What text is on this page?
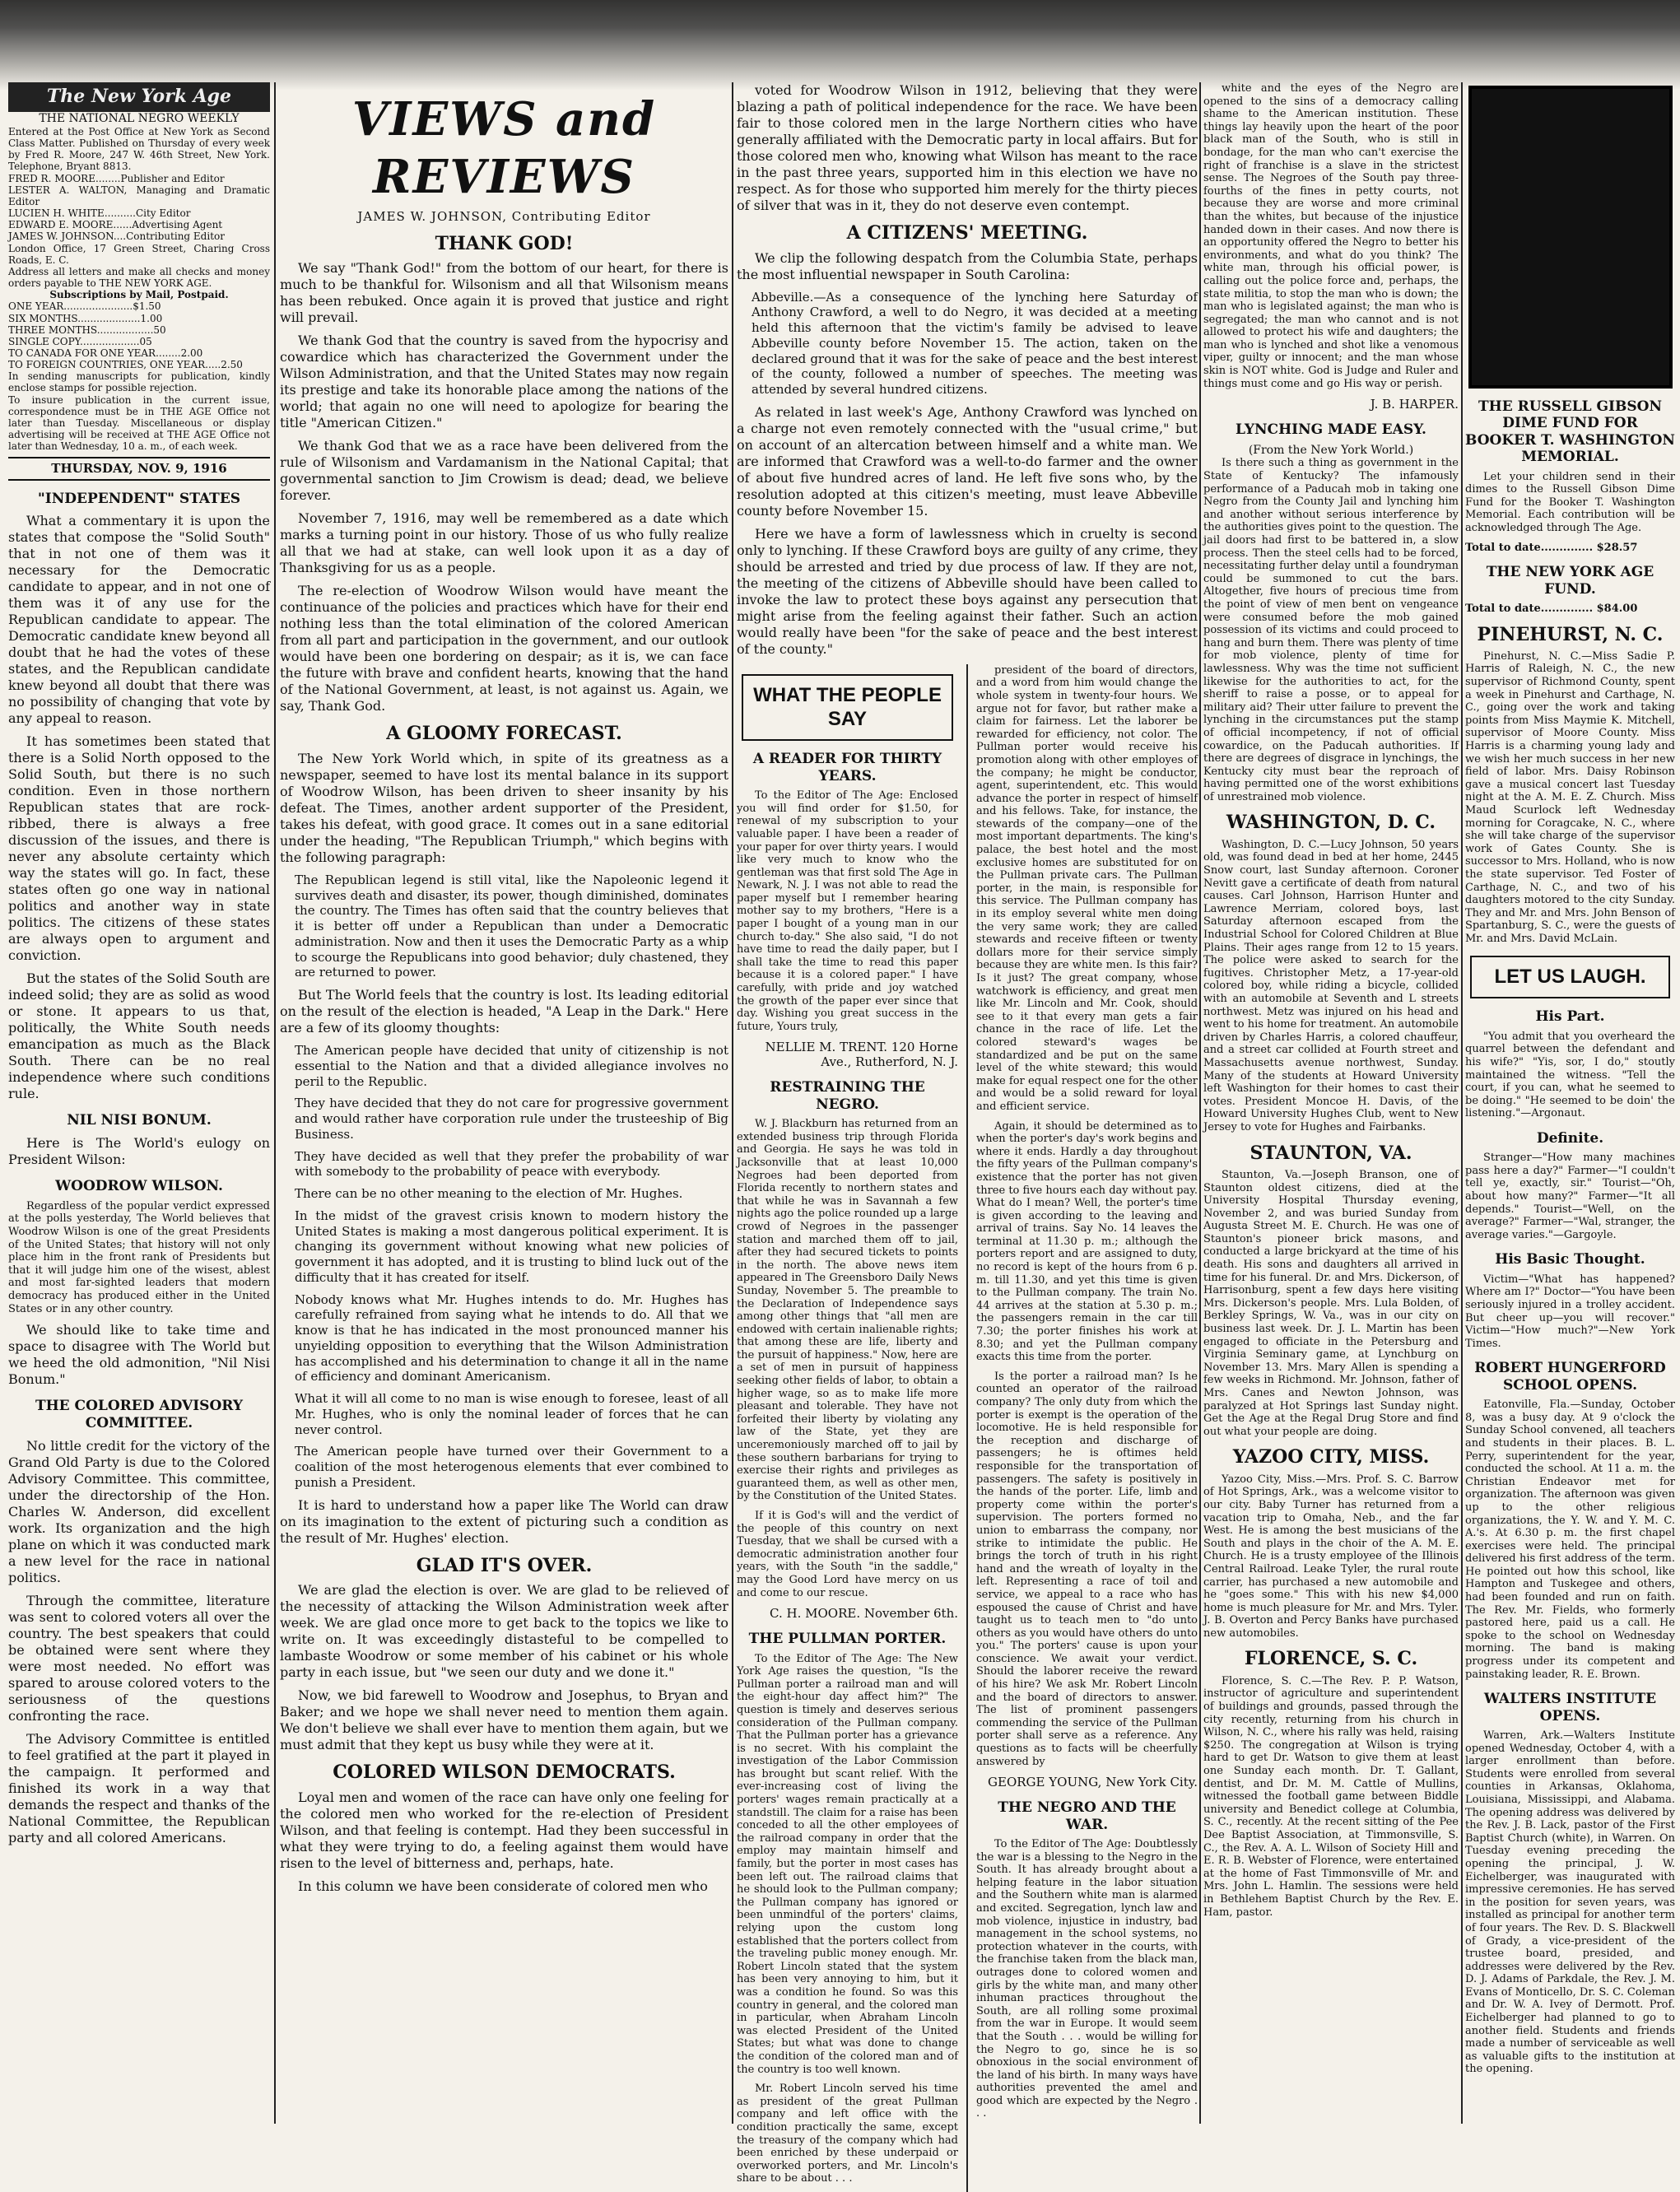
The New York Age
THE NATIONAL NEGRO WEEKLY
Entered at the Post Office at New York as Second Class Matter. Published on Thursday of every week by Fred R. Moore, 247 W. 46th Street, New York. Telephone, Bryant 8813.
FRED R. MOORE........Publisher and Editor
LESTER A. WALTON, Managing and Dramatic Editor
LUCIEN H. WHITE..........City Editor
EDWARD E. MOORE......Advertising Agent
JAMES W. JOHNSON....Contributing Editor
London Office, 17 Green Street, Charing Cross Roads, E. C.
Address all letters and make all checks and money orders payable to THE NEW YORK AGE.
Subscriptions by Mail, Postpaid.
ONE YEAR......................$1.50
SIX MONTHS....................1.00
THREE MONTHS..................50
SINGLE COPY...................05
TO CANADA FOR ONE YEAR........2.00
TO FOREIGN COUNTRIES, ONE YEAR.....2.50
In sending manuscripts for publication, kindly enclose stamps for possible rejection.
To insure publication in the current issue, correspondence must be in THE AGE Office not later than Tuesday. Miscellaneous or display advertising will be received at THE AGE Office not later than Wednesday, 10 a. m., of each week.
THURSDAY, NOV. 9, 1916
"INDEPENDENT" STATES

What a commentary it is upon the states that compose the "Solid South" that in not one of them was it necessary for the Democratic candidate to appear, and in not one of them was it of any use for the Republican candidate to appear. The Democratic candidate knew beyond all doubt that he had the votes of these states, and the Republican candidate knew beyond all doubt that there was no possibility of changing that vote by any appeal to reason.

It has sometimes been stated that there is a Solid North opposed to the Solid South, but there is no such condition. Even in those northern Republican states that are rock-ribbed, there is always a free discussion of the issues, and there is never any absolute certainty which way the states will go. In fact, these states often go one way in national politics and another way in state politics. The citizens of these states are always open to argument and conviction.

But the states of the Solid South are indeed solid; they are as solid as wood or stone. It appears to us that, politically, the White South needs emancipation as much as the Black South. There can be no real independence where such conditions rule.

NIL NISI BONUM.

Here is The World's eulogy on President Wilson:

WOODROW WILSON.

Regardless of the popular verdict expressed at the polls yesterday, The World believes that Woodrow Wilson is one of the great Presidents of the United States; that history will not only place him in the front rank of Presidents but that it will judge him one of the wisest, ablest and most far-sighted leaders that modern democracy has produced either in the United States or in any other country.

We should like to take time and space to disagree with The World but we heed the old admonition, "Nil Nisi Bonum."

THE COLORED ADVISORY COMMITTEE.

No little credit for the victory of the Grand Old Party is due to the Colored Advisory Committee. This committee, under the directorship of the Hon. Charles W. Anderson, did excellent work. Its organization and the high plane on which it was conducted mark a new level for the race in national politics.

Through the committee, literature was sent to colored voters all over the country. The best speakers that could be obtained were sent where they were most needed. No effort was spared to arouse colored voters to the seriousness of the questions confronting the race.

The Advisory Committee is entitled to feel gratified at the part it played in the campaign. It performed and finished its work in a way that demands the respect and thanks of the National Committee, the Republican party and all colored Americans.

VIEWS and REVIEWS
JAMES W. JOHNSON, Contributing Editor
THANK GOD!

We say "Thank God!" from the bottom of our heart, for there is much to be thankful for. Wilsonism and all that Wilsonism means has been rebuked. Once again it is proved that justice and right will prevail.

We thank God that the country is saved from the hypocrisy and cowardice which has characterized the Government under the Wilson Administration, and that the United States may now regain its prestige and take its honorable place among the nations of the world; that again no one will need to apologize for bearing the title "American Citizen."

We thank God that we as a race have been delivered from the rule of Wilsonism and Vardamanism in the National Capital; that governmental sanction to Jim Crowism is dead; dead, we believe forever.

November 7, 1916, may well be remembered as a date which marks a turning point in our history. Those of us who fully realize all that we had at stake, can well look upon it as a day of Thanksgiving for us as a people.

The re-election of Woodrow Wilson would have meant the continuance of the policies and practices which have for their end nothing less than the total elimination of the colored American from all part and participation in the government, and our outlook would have been one bordering on despair; as it is, we can face the future with brave and confident hearts, knowing that the hand of the National Government, at least, is not against us. Again, we say, Thank God.

A GLOOMY FORECAST.

The New York World which, in spite of its greatness as a newspaper, seemed to have lost its mental balance in its support of Woodrow Wilson, has been driven to sheer insanity by his defeat. The Times, another ardent supporter of the President, takes his defeat, with good grace. It comes out in a sane editorial under the heading, "The Republican Triumph," which begins with the following paragraph:

The Republican legend is still vital, like the Napoleonic legend it survives death and disaster, its power, though diminished, dominates the country. The Times has often said that the country believes that it is better off under a Republican than under a Democratic administration. Now and then it uses the Democratic Party as a whip to scourge the Republicans into good behavior; duly chastened, they are returned to power.

But The World feels that the country is lost. Its leading editorial on the result of the election is headed, "A Leap in the Dark." Here are a few of its gloomy thoughts:

The American people have decided that unity of citizenship is not essential to the Nation and that a divided allegiance involves no peril to the Republic.
They have decided that they do not care for progressive government and would rather have corporation rule under the trusteeship of Big Business.
They have decided as well that they prefer the probability of war with somebody to the probability of peace with everybody.
There can be no other meaning to the election of Mr. Hughes.
In the midst of the gravest crisis known to modern history the United States is making a most dangerous political experiment. It is changing its government without knowing what new policies of government it has adopted, and it is trusting to blind luck out of the difficulty that it has created for itself.
Nobody knows what Mr. Hughes intends to do. Mr. Hughes has carefully refrained from saying what he intends to do. All that we know is that he has indicated in the most pronounced manner his unyielding opposition to everything that the Wilson Administration has accomplished and his determination to change it all in the name of efficiency and dominant Americanism.
What it will all come to no man is wise enough to foresee, least of all Mr. Hughes, who is only the nominal leader of forces that he can never control.
The American people have turned over their Government to a coalition of the most heterogenous elements that ever combined to punish a President.

It is hard to understand how a paper like The World can draw on its imagination to the extent of picturing such a condition as the result of Mr. Hughes' election.

GLAD IT'S OVER.

We are glad the election is over. We are glad to be relieved of the necessity of attacking the Wilson Administration week after week. We are glad once more to get back to the topics we like to write on. It was exceedingly distasteful to be compelled to lambaste Woodrow or some member of his cabinet or his whole party in each issue, but "we seen our duty and we done it."

Now, we bid farewell to Woodrow and Josephus, to Bryan and Baker; and we hope we shall never need to mention them again. We don't believe we shall ever have to mention them again, but we must admit that they kept us busy while they were at it.

COLORED WILSON DEMOCRATS.

Loyal men and women of the race can have only one feeling for the colored men who worked for the re-election of President Wilson, and that feeling is contempt. Had they been successful in what they were trying to do, a feeling against them would have risen to the level of bitterness and, perhaps, hate.

In this column we have been considerate of colored men who

voted for Woodrow Wilson in 1912, believing that they were blazing a path of political independence for the race. We have been fair to those colored men in the large Northern cities who have generally affiliated with the Democratic party in local affairs. But for those colored men who, knowing what Wilson has meant to the race in the past three years, supported him in this election we have no respect. As for those who supported him merely for the thirty pieces of silver that was in it, they do not deserve even contempt.

A CITIZENS' MEETING.

We clip the following despatch from the Columbia State, perhaps the most influential newspaper in South Carolina:

Abbeville.—As a consequence of the lynching here Saturday of Anthony Crawford, a well to do Negro, it was decided at a meeting held this afternoon that the victim's family be advised to leave Abbeville county before November 15. The action, taken on the declared ground that it was for the sake of peace and the best interest of the county, followed a number of speeches. The meeting was attended by several hundred citizens.

As related in last week's Age, Anthony Crawford was lynched on a charge not even remotely connected with the "usual crime," but on account of an altercation between himself and a white man. We are informed that Crawford was a well-to-do farmer and the owner of about five hundred acres of land. He left five sons who, by the resolution adopted at this citizen's meeting, must leave Abbeville county before November 15.

Here we have a form of lawlessness which in cruelty is second only to lynching. If these Crawford boys are guilty of any crime, they should be arrested and tried by due process of law. If they are not, the meeting of the citizens of Abbeville should have been called to invoke the law to protect these boys against any persecution that might arise from the feeling against their father. Such an action would really have been "for the sake of peace and the best interest of the county."

WHAT THE PEOPLE SAY
A READER FOR THIRTY YEARS.

To the Editor of The Age: Enclosed you will find order for $1.50, for renewal of my subscription to your valuable paper. I have been a reader of your paper for over thirty years. I would like very much to know who the gentleman was that first sold The Age in Newark, N. J. I was not able to read the paper myself but I remember hearing mother say to my brothers, "Here is a paper I bought of a young man in our church to-day." She also said, "I do not have time to read the daily paper, but I shall take the time to read this paper because it is a colored paper." I have carefully, with pride and joy watched the growth of the paper ever since that day. Wishing you great success in the future, Yours truly,

NELLIE M. TRENT. 120 Horne Ave., Rutherford, N. J.
RESTRAINING THE NEGRO.

W. J. Blackburn has returned from an extended business trip through Florida and Georgia. He says he was told in Jacksonville that at least 10,000 Negroes had been deported from Florida recently to northern states and that while he was in Savannah a few nights ago the police rounded up a large crowd of Negroes in the passenger station and marched them off to jail, after they had secured tickets to points in the north. The above news item appeared in The Greensboro Daily News Sunday, November 5. The preamble to the Declaration of Independence says among other things that "all men are endowed with certain inalienable rights; that among these are life, liberty and the pursuit of happiness." Now, here are a set of men in pursuit of happiness seeking other fields of labor, to obtain a higher wage, so as to make life more pleasant and tolerable. They have not forfeited their liberty by violating any law of the State, yet they are unceremoniously marched off to jail by these southern barbarians for trying to exercise their rights and privileges as guaranteed them, as well as other men, by the Constitution of the United States.

If it is God's will and the verdict of the people of this country on next Tuesday, that we shall be cursed with a democratic administration another four years, with the South "in the saddle," may the Good Lord have mercy on us and come to our rescue.

C. H. MOORE. November 6th.
THE PULLMAN PORTER.

To the Editor of The Age: The New York Age raises the question, "Is the Pullman porter a railroad man and will the eight-hour day affect him?" The question is timely and deserves serious consideration of the Pullman company. That the Pullman porter has a grievance is no secret. With his complaint the investigation of the Labor Commission has brought but scant relief. With the ever-increasing cost of living the porters' wages remain practically at a standstill. The claim for a raise has been conceded to all the other employees of the railroad company in order that the employ may maintain himself and family, but the porter in most cases has been left out. The railroad claims that he should look to the Pullman company; the Pullman company has ignored or been unmindful of the porters' claims, relying upon the custom long established that the porters collect from the traveling public money enough. Mr. Robert Lincoln stated that the system has been very annoying to him, but it was a condition he found. So was this country in general, and the colored man in particular, when Abraham Lincoln was elected President of the United States; but what was done to change the condition of the colored man and of the country is too well known.

Mr. Robert Lincoln served his time as president of the great Pullman company and left office with the condition practically the same, except the treasury of the company which had been enriched by these underpaid or overworked porters, and Mr. Lincoln's share to be about . . .

president of the board of directors, and a word from him would change the whole system in twenty-four hours. We argue not for favor, but rather make a claim for fairness. Let the laborer be rewarded for efficiency, not color. The Pullman porter would receive his promotion along with other employes of the company; he might be conductor, agent, superintendent, etc. This would advance the porter in respect of himself and his fellows. Take, for instance, the stewards of the company—one of the most important departments. The king's palace, the best hotel and the most exclusive homes are substituted for on the Pullman private cars. The Pullman porter, in the main, is responsible for this service. The Pullman company has in its employ several white men doing the very same work; they are called stewards and receive fifteen or twenty dollars more for their service simply because they are white men. Is this fair? Is it just? The great company, whose watchwork is efficiency, and great men like Mr. Lincoln and Mr. Cook, should see to it that every man gets a fair chance in the race of life. Let the colored steward's wages be standardized and be put on the same level of the white steward; this would make for equal respect one for the other and would be a solid reward for loyal and efficient service.

Again, it should be determined as to when the porter's day's work begins and where it ends. Hardly a day throughout the fifty years of the Pullman company's existence that the porter has not given three to five hours each day without pay. What do I mean? Well, the porter's time is given according to the leaving and arrival of trains. Say No. 14 leaves the terminal at 11.30 p. m.; although the porters report and are assigned to duty, no record is kept of the hours from 6 p. m. till 11.30, and yet this time is given to the Pullman company. The train No. 44 arrives at the station at 5.30 p. m.; the passengers remain in the car till 7.30; the porter finishes his work at 8.30; and yet the Pullman company exacts this time from the porter.

Is the porter a railroad man? Is he counted an operator of the railroad company? The only duty from which the porter is exempt is the operation of the locomotive. He is held responsible for the reception and discharge of passengers; he is oftimes held responsible for the transportation of passengers. The safety is positively in the hands of the porter. Life, limb and property come within the porter's supervision. The porters formed no union to embarrass the company, nor strike to intimidate the public. He brings the torch of truth in his right hand and the wreath of loyalty in the left. Representing a race of toil and service, we appeal to a race who has espoused the cause of Christ and have taught us to teach men to "do unto others as you would have others do unto you." The porters' cause is upon your conscience. We await your verdict. Should the laborer receive the reward of his hire? We ask Mr. Robert Lincoln and the board of directors to answer. The list of prominent passengers commending the service of the Pullman porter shall serve as a reference. Any questions as to facts will be cheerfully answered by

GEORGE YOUNG, New York City.
THE NEGRO AND THE WAR.

To the Editor of The Age: Doubtlessly the war is a blessing to the Negro in the South. It has already brought about a helping feature in the labor situation and the Southern white man is alarmed and excited. Segregation, lynch law and mob violence, injustice in industry, bad management in the school systems, no protection whatever in the courts, with the franchise taken from the black man, outrages done to colored women and girls by the white man, and many other inhuman practices throughout the South, are all rolling some proximal from the war in Europe. It would seem that the South . . . would be willing for the Negro to go, since he is so obnoxious in the social environment of the land of his birth. In many ways have authorities prevented the amel and good which are expected by the Negro . . .

white and the eyes of the Negro are opened to the sins of a democracy calling shame to the American institution. These things lay heavily upon the heart of the poor black man of the South, who is still in bondage, for the man who can't exercise the right of franchise is a slave in the strictest sense. The Negroes of the South pay three-fourths of the fines in petty courts, not because they are worse and more criminal than the whites, but because of the injustice handed down in their cases. And now there is an opportunity offered the Negro to better his environments, and what do you think? The white man, through his official power, is calling out the police force and, perhaps, the state militia, to stop the man who is down; the man who is legislated against; the man who is segregated; the man who cannot and is not allowed to protect his wife and daughters; the man who is lynched and shot like a venomous viper, guilty or innocent; and the man whose skin is NOT white. God is Judge and Ruler and things must come and go His way or perish.

J. B. HARPER.
LYNCHING MADE EASY.
(From the New York World.)

Is there such a thing as government in the State of Kentucky? The infamously performance of a Paducah mob in taking one Negro from the County Jail and lynching him and another without serious interference by the authorities gives point to the question. The jail doors had first to be battered in, a slow process. Then the steel cells had to be forced, necessitating further delay until a foundryman could be summoned to cut the bars. Altogether, five hours of precious time from the point of view of men bent on vengeance were consumed before the mob gained possession of its victims and could proceed to hang and burn them. There was plenty of time for mob violence, plenty of time for lawlessness. Why was the time not sufficient likewise for the authorities to act, for the sheriff to raise a posse, or to appeal for military aid? Their utter failure to prevent the lynching in the circumstances put the stamp of official incompetency, if not of official cowardice, on the Paducah authorities. If there are degrees of disgrace in lynchings, the Kentucky city must bear the reproach of having permitted one of the worst exhibitions of unrestrained mob violence.

WASHINGTON, D. C.

Washington, D. C.—Lucy Johnson, 50 years old, was found dead in bed at her home, 2445 Snow court, last Sunday afternoon. Coroner Nevitt gave a certificate of death from natural causes. Carl Johnson, Harrison Hunter and Lawrence Merriam, colored boys, last Saturday afternoon escaped from the Industrial School for Colored Children at Blue Plains. Their ages range from 12 to 15 years. The police were asked to search for the fugitives. Christopher Metz, a 17-year-old colored boy, while riding a bicycle, collided with an automobile at Seventh and L streets northwest. Metz was injured on his head and went to his home for treatment. An automobile driven by Charles Harris, a colored chauffeur, and a street car collided at Fourth street and Massachusetts avenue northwest, Sunday. Many of the students at Howard University left Washington for their homes to cast their votes. President Moncoe H. Davis, of the Howard University Hughes Club, went to New Jersey to vote for Hughes and Fairbanks.

STAUNTON, VA.

Staunton, Va.—Joseph Branson, one of Staunton oldest citizens, died at the University Hospital Thursday evening, November 2, and was buried Sunday from Augusta Street M. E. Church. He was one of Staunton's pioneer brick masons, and conducted a large brickyard at the time of his death. His sons and daughters all arrived in time for his funeral. Dr. and Mrs. Dickerson, of Harrisonburg, spent a few days here visiting Mrs. Dickerson's people. Mrs. Lula Bolden, of Berkley Springs, W. Va., was in our city on business last week. Dr. J. L. Martin has been engaged to officiate in the Petersburg and Virginia Seminary game, at Lynchburg on November 13. Mrs. Mary Allen is spending a few weeks in Richmond. Mr. Johnson, father of Mrs. Canes and Newton Johnson, was paralyzed at Hot Springs last Sunday night. Get the Age at the Regal Drug Store and find out what your people are doing.

YAZOO CITY, MISS.

Yazoo City, Miss.—Mrs. Prof. S. C. Barrow of Hot Springs, Ark., was a welcome visitor to our city. Baby Turner has returned from a vacation trip to Omaha, Neb., and the far West. He is among the best musicians of the South and plays in the choir of the A. M. E. Church. He is a trusty employee of the Illinois Central Railroad. Leake Tyler, the rural route carrier, has purchased a new automobile and he "goes some." This with his new $4,000 home is much pleasure for Mr. and Mrs. Tyler. J. B. Overton and Percy Banks have purchased new automobiles.

FLORENCE, S. C.

Florence, S. C.—The Rev. P. P. Watson, instructor of agriculture and superintendent of buildings and grounds, passed through the city recently, returning from his church in Wilson, N. C., where his rally was held, raising $250. The congregation at Wilson is trying hard to get Dr. Watson to give them at least one Sunday each month. Dr. T. Gallant, dentist, and Dr. M. M. Cattle of Mullins, witnessed the football game between Biddle university and Benedict college at Columbia, S. C., recently. At the recent sitting of the Pee Dee Baptist Association, at Timmonsville, S. C., the Rev. A. A. L. Wilson of Society Hill and E. R. B. Webster of Florence, were entertained at the home of Fast Timmonsville of Mr. and Mrs. John L. Hamlin. The sessions were held in Bethlehem Baptist Church by the Rev. E. Ham, pastor.

THE RUSSELL GIBSON DIME FUND FOR BOOKER T. WASHINGTON MEMORIAL.

Let your children send in their dimes to the Russell Gibson Dime Fund for the Booker T. Washington Memorial. Each contribution will be acknowledged through The Age.

Total to date.............. $28.57
THE NEW YORK AGE FUND.
Total to date.............. $84.00
PINEHURST, N. C.

Pinehurst, N. C.—Miss Sadie P. Harris of Raleigh, N. C., the new supervisor of Richmond County, spent a week in Pinehurst and Carthage, N. C., going over the work and taking points from Miss Maymie K. Mitchell, supervisor of Moore County. Miss Harris is a charming young lady and we wish her much success in her new field of labor. Mrs. Daisy Robinson gave a musical concert last Tuesday night at the A. M. E. Z. Church. Miss Maud Scurlock left Wednesday morning for Coragcake, N. C., where she will take charge of the supervisor work of Gates County. She is successor to Mrs. Holland, who is now the state supervisor. Ted Foster of Carthage, N. C., and two of his daughters motored to the city Sunday. They and Mr. and Mrs. John Benson of Spartanburg, S. C., were the guests of Mr. and Mrs. David McLain.

LET US LAUGH.
His Part.

"You admit that you overheard the quarrel between the defendant and his wife?" "Yis, sor, I do," stoutly maintained the witness. "Tell the court, if you can, what he seemed to be doing." "He seemed to be doin' the listening."—Argonaut.

Definite.

Stranger—"How many machines pass here a day?" Farmer—"I couldn't tell ye, exactly, sir." Tourist—"Oh, about how many?" Farmer—"It all depends." Tourist—"Well, on the average?" Farmer—"Wal, stranger, the average varies."—Gargoyle.

His Basic Thought.

Victim—"What has happened? Where am I?" Doctor—"You have been seriously injured in a trolley accident. But cheer up—you will recover." Victim—"How much?"—New York Times.

ROBERT HUNGERFORD SCHOOL OPENS.

Eatonville, Fla.—Sunday, October 8, was a busy day. At 9 o'clock the Sunday School convened, all teachers and students in their places. B. L. Perry, superintendent for the year, conducted the school. At 11 a. m. the Christian Endeavor met for organization. The afternoon was given up to the other religious organizations, the Y. W. and Y. M. C. A.'s. At 6.30 p. m. the first chapel exercises were held. The principal delivered his first address of the term. He pointed out how this school, like Hampton and Tuskegee and others, had been founded and run on faith. The Rev. Mr. Fields, who formerly pastored here, paid us a call. He spoke to the school on Wednesday morning. The band is making progress under its competent and painstaking leader, R. E. Brown.

WALTERS INSTITUTE OPENS.

Warren, Ark.—Walters Institute opened Wednesday, October 4, with a larger enrollment than before. Students were enrolled from several counties in Arkansas, Oklahoma, Louisiana, Mississippi, and Alabama. The opening address was delivered by the Rev. J. B. Lack, pastor of the First Baptist Church (white), in Warren. On Tuesday evening preceding the opening the principal, J. W. Eichelberger, was inaugurated with impressive ceremonies. He has served in the position for seven years, was installed as principal for another term of four years. The Rev. D. S. Blackwell of Grady, a vice-president of the trustee board, presided, and addresses were delivered by the Rev. D. J. Adams of Parkdale, the Rev. J. M. Evans of Monticello, Dr. S. C. Coleman and Dr. W. A. Ivey of Dermott. Prof. Eichelberger had planned to go to another field. Students and friends made a number of serviceable as well as valuable gifts to the institution at the opening.
